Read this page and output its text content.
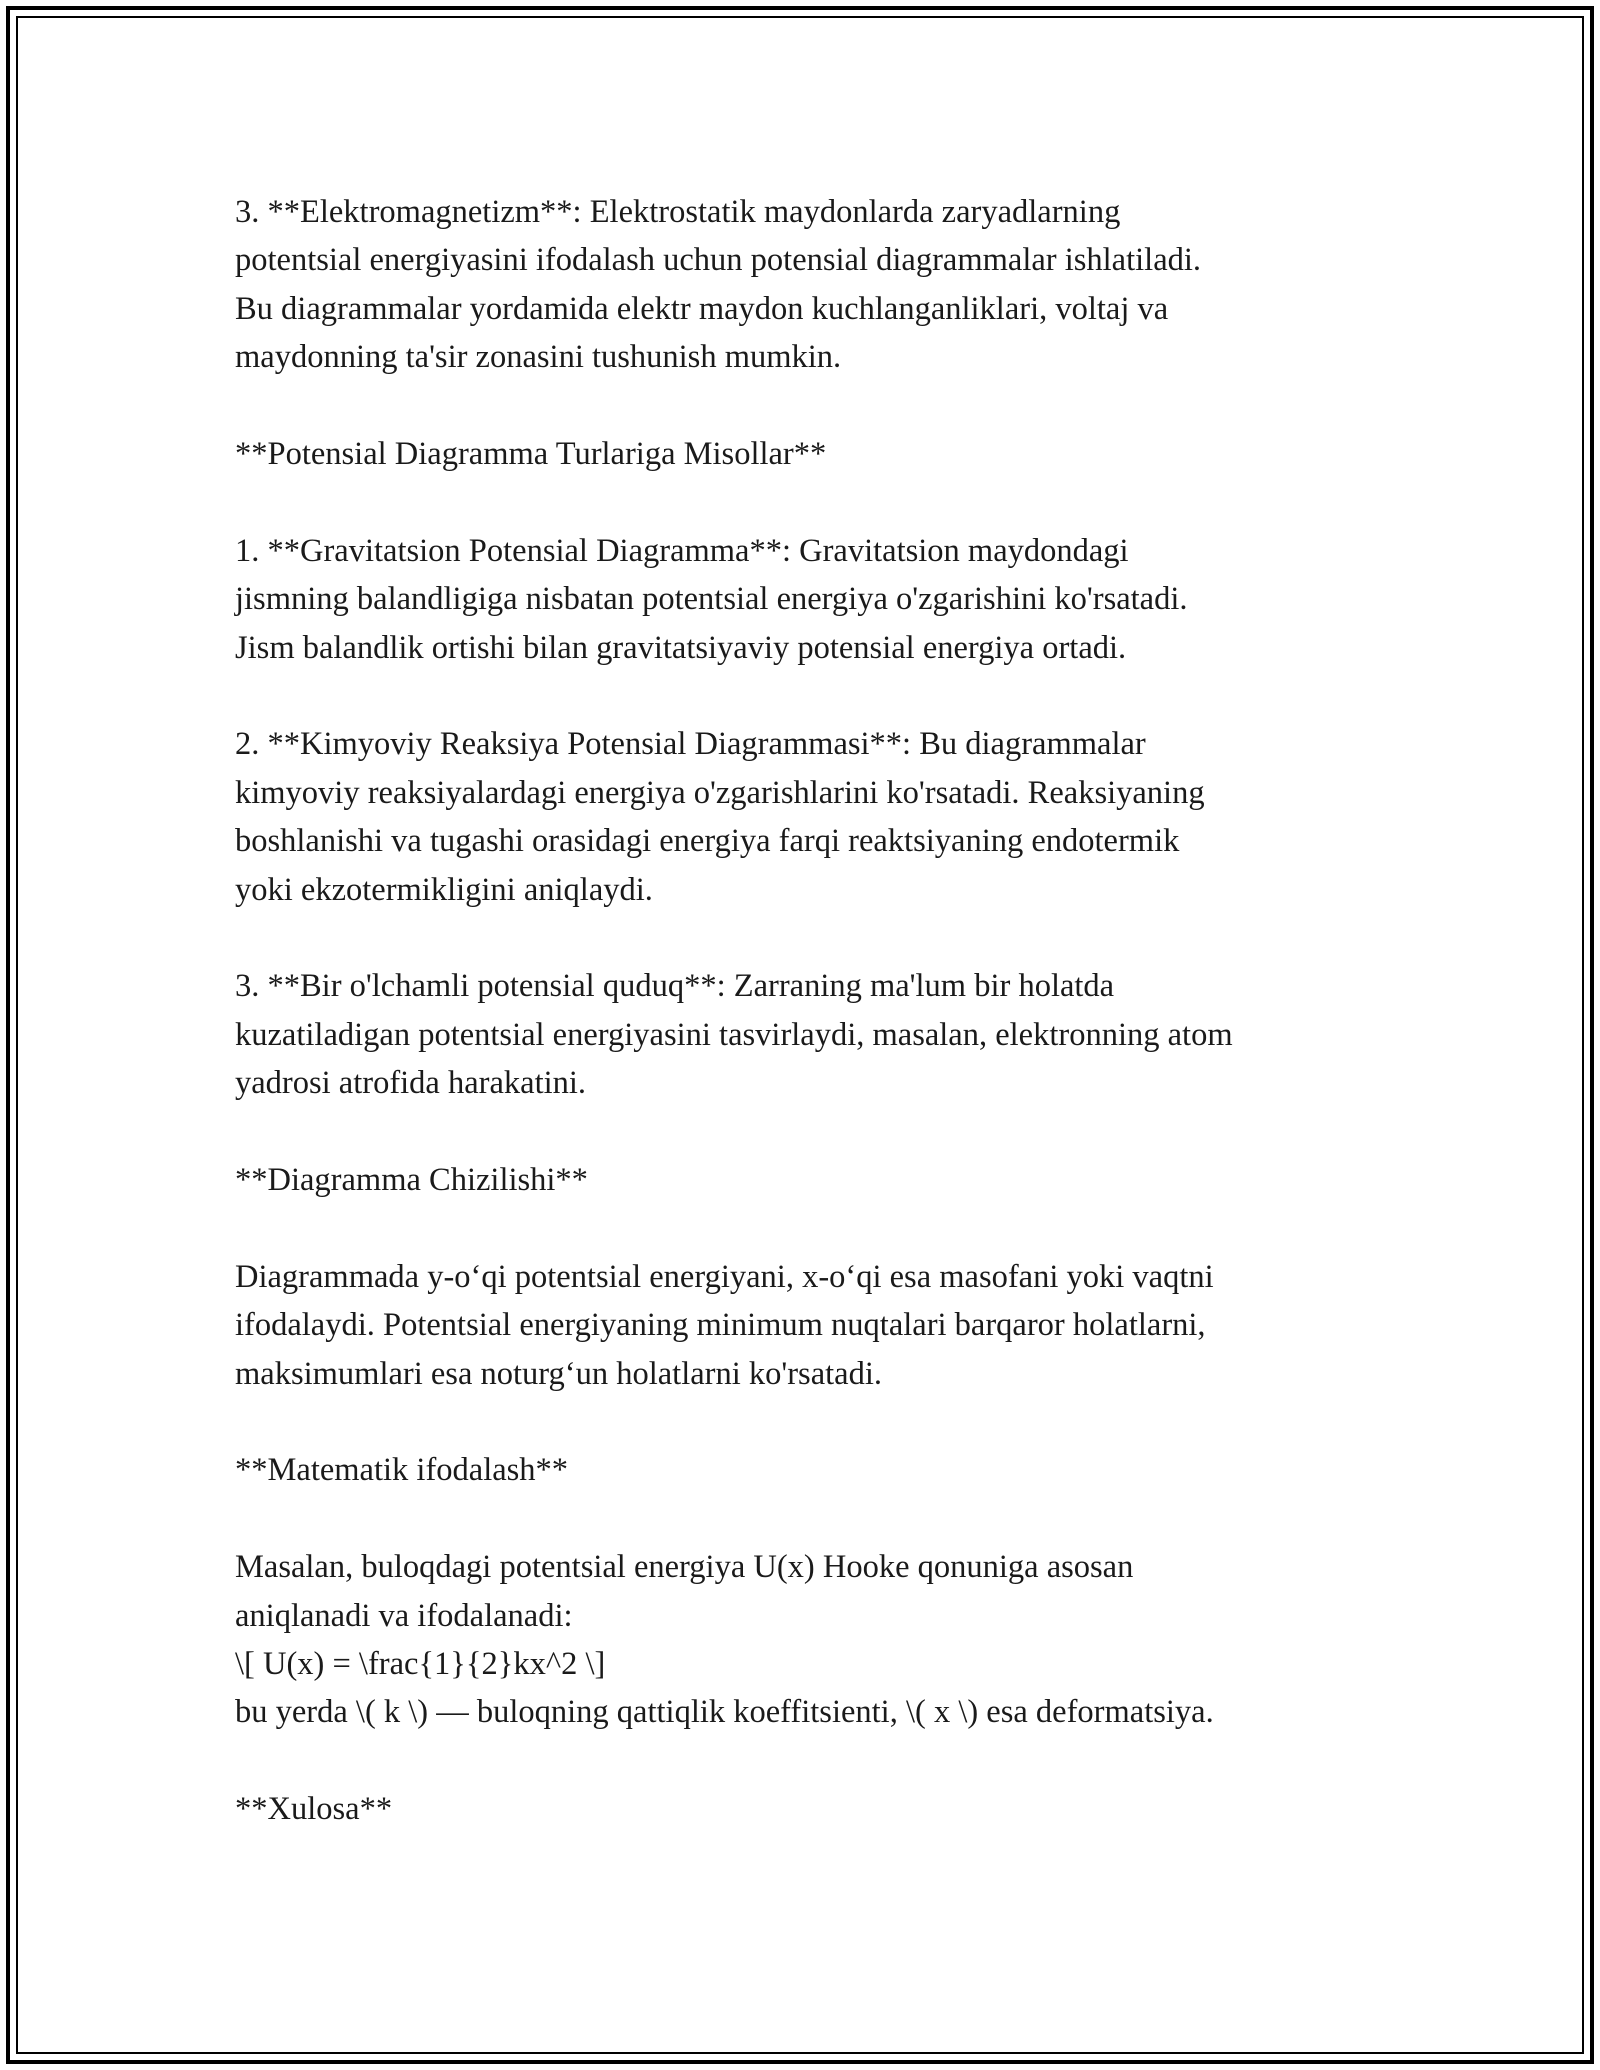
3. **Elektromagnetizm**: Elektrostatik maydonlarda zaryadlarning
potentsial energiyasini ifodalash uchun potensial diagrammalar ishlatiladi.
Bu diagrammalar yordamida elektr maydon kuchlanganliklari, voltaj va
maydonning ta'sir zonasini tushunish mumkin.

**Potensial Diagramma Turlariga Misollar**

1. **Gravitatsion Potensial Diagramma**: Gravitatsion maydondagi
jismning balandligiga nisbatan potentsial energiya o'zgarishini ko'rsatadi.
Jism balandlik ortishi bilan gravitatsiyaviy potensial energiya ortadi.

2. **Kimyoviy Reaksiya Potensial Diagrammasi**: Bu diagrammalar
kimyoviy reaksiyalardagi energiya o'zgarishlarini ko'rsatadi. Reaksiyaning
boshlanishi va tugashi orasidagi energiya farqi reaktsiyaning endotermik
yoki ekzotermikligini aniqlaydi.

3. **Bir o'lchamli potensial quduq**: Zarraning ma'lum bir holatda
kuzatiladigan potentsial energiyasini tasvirlaydi, masalan, elektronning atom
yadrosi atrofida harakatini.

**Diagramma Chizilishi**

Diagrammada y-o‘qi potentsial energiyani, x-o‘qi esa masofani yoki vaqtni
ifodalaydi. Potentsial energiyaning minimum nuqtalari barqaror holatlarni,
maksimumlari esa noturg‘un holatlarni ko'rsatadi.

**Matematik ifodalash**

Masalan, buloqdagi potentsial energiya U(x) Hooke qonuniga asosan
aniqlanadi va ifodalanadi:
\[ U(x) = \frac{1}{2}kx^2 \]
bu yerda \( k \) — buloqning qattiqlik koeffitsienti, \( x \) esa deformatsiya.

**Xulosa**
